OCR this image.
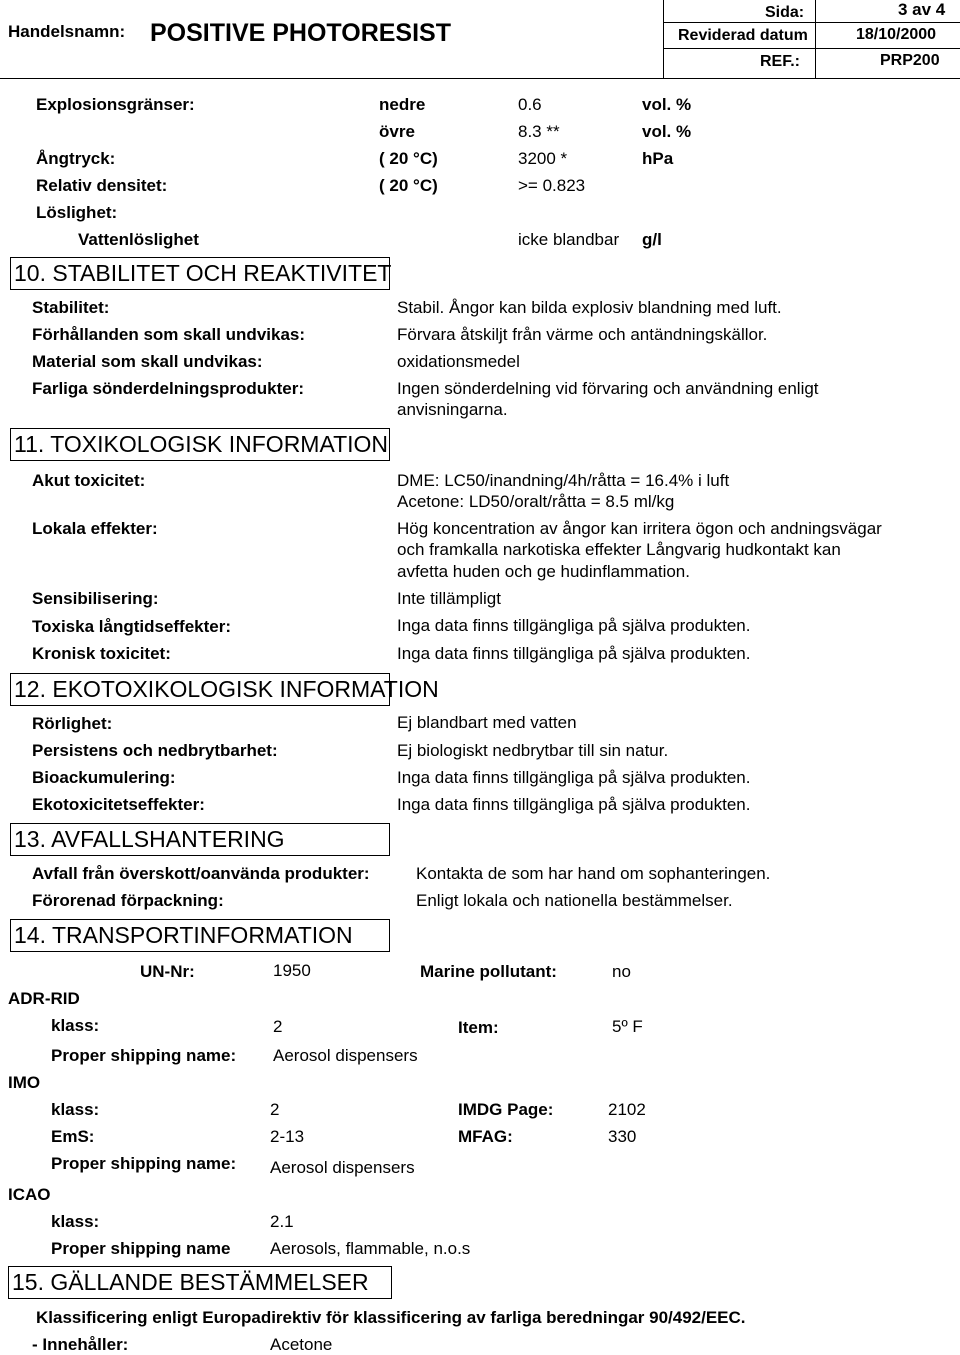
Handelsnamn: POSITIVE PHOTORESIST
Sida:	3 av 4
Reviderad datum	18/10/2000
REF.:	PRP200
Explosionsgränser:	nedre	0.6	vol. %
övre	8.3 **	vol. %
Ångtryck:	( 20 °C)	3200 *	hPa
Relativ densitet:	( 20 °C)	>= 0.823
Löslighet:
Vattenlöslighet	icke blandbar g/l
10. STABILITET OCH REAKTIVITET
Stabilitet:	Stabil. Ångor kan bilda explosiv blandning med luft.
Förhållanden som skall undvikas:	Förvara åtskiljt från värme och antändningskällor.
Material som skall undvikas:	oxidationsmedel
Farliga sönderdelningsprodukter:	Ingen sönderdelning vid förvaring och användning enligt
anvisningarna.
11. TOXIKOLOGISK INFORMATION
Akut toxicitet:	DME: LC50/inandning/4h/råtta = 16.4% i luft
Acetone: LD50/oralt/råtta = 8.5 ml/kg
Lokala effekter:	Hög koncentration av ångor kan irritera ögon och andningsvägar
och framkalla narkotiska effekter Långvarig hudkontakt kan
avfetta huden och ge hudinflammation.
Sensibilisering:	Inte tillämpligt
Toxiska långtidseffekter:	Inga data finns tillgängliga på själva produkten.
Kronisk toxicitet:	Inga data finns tillgängliga på själva produkten.
12. EKOTOXIKOLOGISK INFORMATION
Rörlighet:	Ej blandbart med vatten
Persistens och nedbrytbarhet:	Ej biologiskt nedbrytbar till sin natur.
Bioackumulering:	Inga data finns tillgängliga på själva produkten.
Ekotoxicitetseffekter:	Inga data finns tillgängliga på själva produkten.
13. AVFALLSHANTERING
Avfall från överskott/oanvända produkter:	Kontakta de som har hand om sophanteringen.
Förorenad förpackning:	Enligt lokala och nationella bestämmelser.
14. TRANSPORTINFORMATION
UN-Nr:	1950	Marine pollutant:	no
ADR-RID
klass:	2	Item:	5º F
Proper shipping name: Aerosol dispensers
IMO
klass:	2	IMDG Page:	2102
EmS:	2-13	MFAG:	330
Proper shipping name: Aerosol dispensers
ICAO
klass:	2.1
Proper shipping name Aerosols, flammable, n.o.s
15. GÄLLANDE BESTÄMMELSER
Klassificering enligt Europadirektiv för klassificering av farliga beredningar 90/492/EEC.
- Innehåller:	Acetone
